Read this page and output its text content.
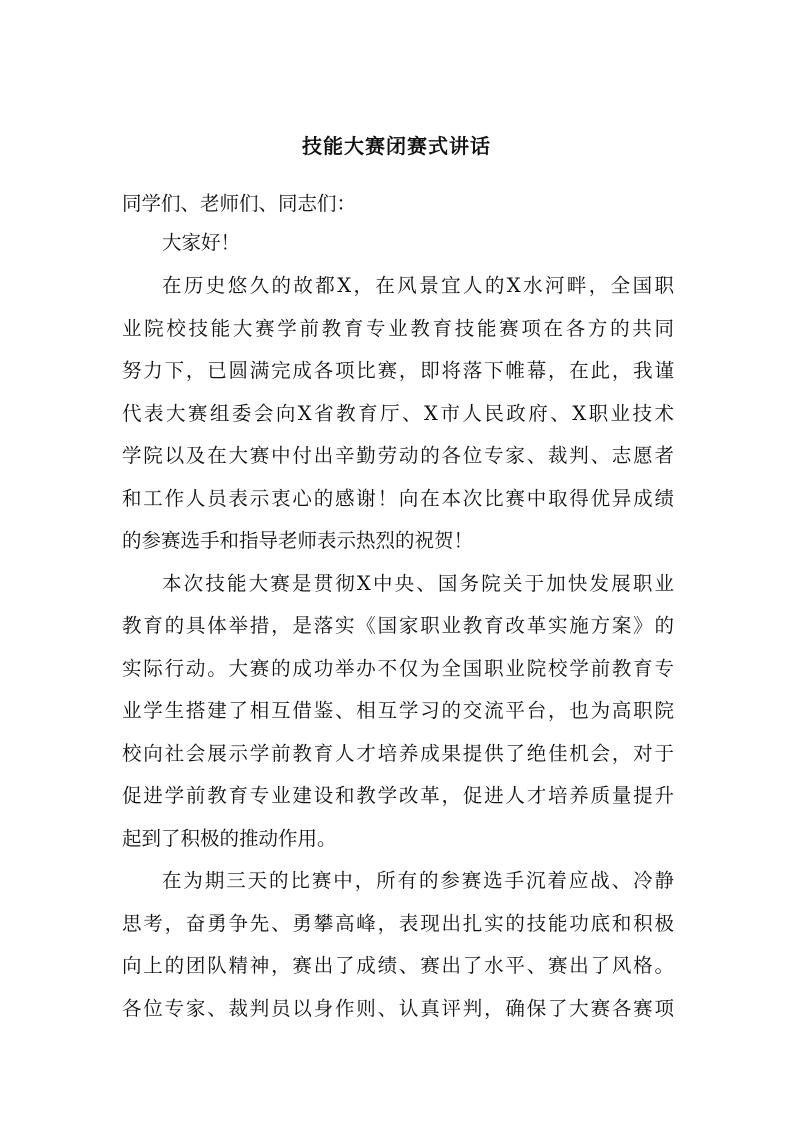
技能大赛闭赛式讲话
同学们、老师们、同志们：
大家好！
在历史悠久的故都X，在风景宜人的X水河畔，全国职
业院校技能大赛学前教育专业教育技能赛项在各方的共同
努力下，已圆满完成各项比赛，即将落下帷幕，在此，我谨
代表大赛组委会向X省教育厅、X市人民政府、X职业技术
学院以及在大赛中付出辛勤劳动的各位专家、裁判、志愿者
和工作人员表示衷心的感谢！向在本次比赛中取得优异成绩
的参赛选手和指导老师表示热烈的祝贺！
本次技能大赛是贯彻X中央、国务院关于加快发展职业
教育的具体举措，是落实《国家职业教育改革实施方案》的
实际行动。大赛的成功举办不仅为全国职业院校学前教育专
业学生搭建了相互借鉴、相互学习的交流平台，也为高职院
校向社会展示学前教育人才培养成果提供了绝佳机会，对于
促进学前教育专业建设和教学改革，促进人才培养质量提升
起到了积极的推动作用。
在为期三天的比赛中，所有的参赛选手沉着应战、冷静
思考，奋勇争先、勇攀高峰，表现出扎实的技能功底和积极
向上的团队精神，赛出了成绩、赛出了水平、赛出了风格。
各位专家、裁判员以身作则、认真评判，确保了大赛各赛项
